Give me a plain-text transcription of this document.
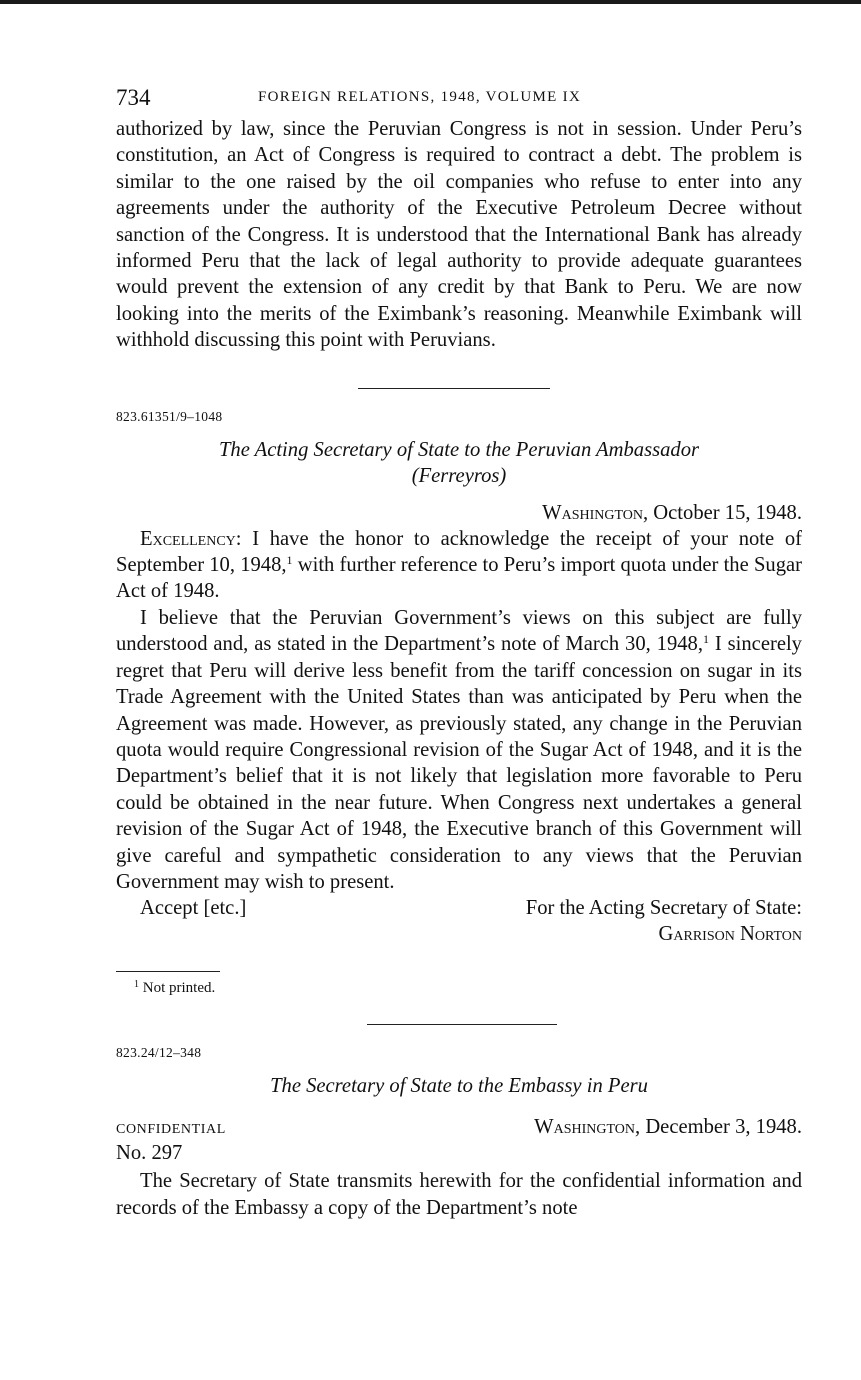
734	FOREIGN RELATIONS, 1948, VOLUME IX

authorized by law, since the Peruvian Congress is not in session. Under Peru’s constitution, an Act of Congress is required to contract a debt. The problem is similar to the one raised by the oil companies who refuse to enter into any agreements under the authority of the Executive Petroleum Decree without sanction of the Congress. It is understood that the International Bank has already informed Peru that the lack of legal authority to provide adequate guarantees would prevent the extension of any credit by that Bank to Peru. We are now looking into the merits of the Eximbank’s reasoning. Meanwhile Eximbank will withhold discussing this point with Peruvians.

823.61351/9–1048
The Acting Secretary of State to the Peruvian Ambassador
(Ferreyros)
Washington, October 15, 1948.

Excellency: I have the honor to acknowledge the receipt of your note of September 10, 1948,$^1$ with further reference to Peru’s import quota under the Sugar Act of 1948.

I believe that the Peruvian Government’s views on this subject are fully understood and, as stated in the Department’s note of March 30, 1948,$^1$ I sincerely regret that Peru will derive less benefit from the tariff concession on sugar in its Trade Agreement with the United States than was anticipated by Peru when the Agreement was made. However, as previously stated, any change in the Peruvian quota would require Congressional revision of the Sugar Act of 1948, and it is the Department’s belief that it is not likely that legislation more favorable to Peru could be obtained in the near future. When Congress next undertakes a general revision of the Sugar Act of 1948, the Executive branch of this Government will give careful and sympathetic consideration to any views that the Peruvian Government may wish to present.

Accept [etc.]	For the Acting Secretary of State:
Garrison Norton
$^1$ Not printed.
823.24/12–348
The Secretary of State to the Embassy in Peru
CONFIDENTIAL	Washington, December 3, 1948.
No. 297

The Secretary of State transmits herewith for the confidential information and records of the Embassy a copy of the Department’s note
